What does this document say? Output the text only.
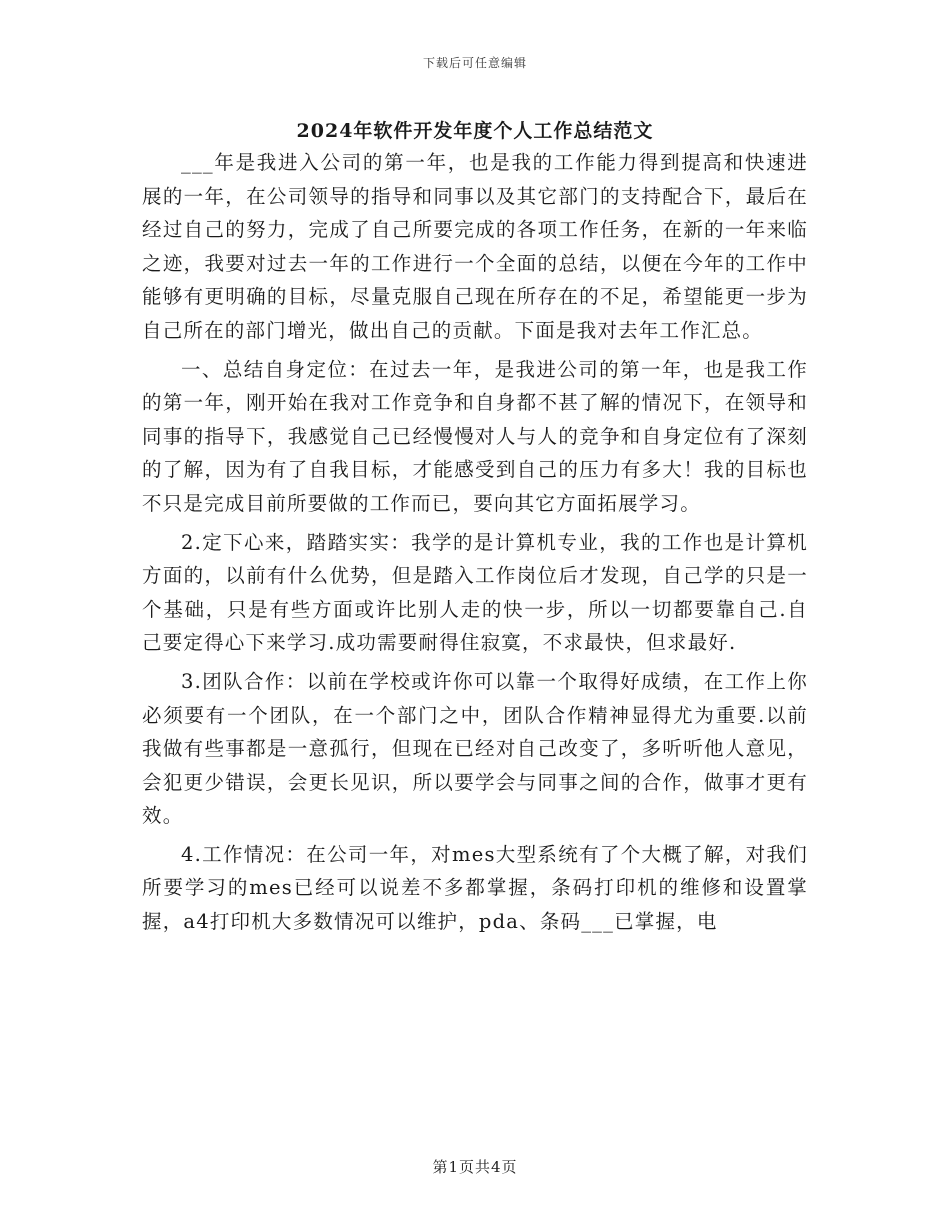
下载后可任意编辑
2024年软件开发年度个人工作总结范文

___年是我进入公司的第一年，也是我的工作能力得到提高和快速进展的一年，在公司领导的指导和同事以及其它部门的支持配合下，最后在经过自己的努力，完成了自己所要完成的各项工作任务，在新的一年来临之迹，我要对过去一年的工作进行一个全面的总结，以便在今年的工作中能够有更明确的目标，尽量克服自己现在所存在的不足，希望能更一步为自己所在的部门增光，做出自己的贡献。下面是我对去年工作汇总。

一、总结自身定位：在过去一年，是我进公司的第一年，也是我工作的第一年，刚开始在我对工作竞争和自身都不甚了解的情况下，在领导和同事的指导下，我感觉自己已经慢慢对人与人的竞争和自身定位有了深刻的了解，因为有了自我目标，才能感受到自己的压力有多大！我的目标也不只是完成目前所要做的工作而已，要向其它方面拓展学习。

2.定下心来，踏踏实实：我学的是计算机专业，我的工作也是计算机方面的，以前有什么优势，但是踏入工作岗位后才发现，自己学的只是一个基础，只是有些方面或许比别人走的快一步，所以一切都要靠自己.自己要定得心下来学习.成功需要耐得住寂寞，不求最快，但求最好.

3.团队合作：以前在学校或许你可以靠一个取得好成绩，在工作上你必须要有一个团队，在一个部门之中，团队合作精神显得尤为重要.以前我做有些事都是一意孤行，但现在已经对自己改变了，多听听他人意见，会犯更少错误，会更长见识，所以要学会与同事之间的合作，做事才更有效。

4.工作情况：在公司一年，对mes大型系统有了个大概了解，对我们所要学习的mes已经可以说差不多都掌握，条码打印机的维修和设置掌握，a4打印机大多数情况可以维护，pda、条码___已掌握，电

第1页共4页
